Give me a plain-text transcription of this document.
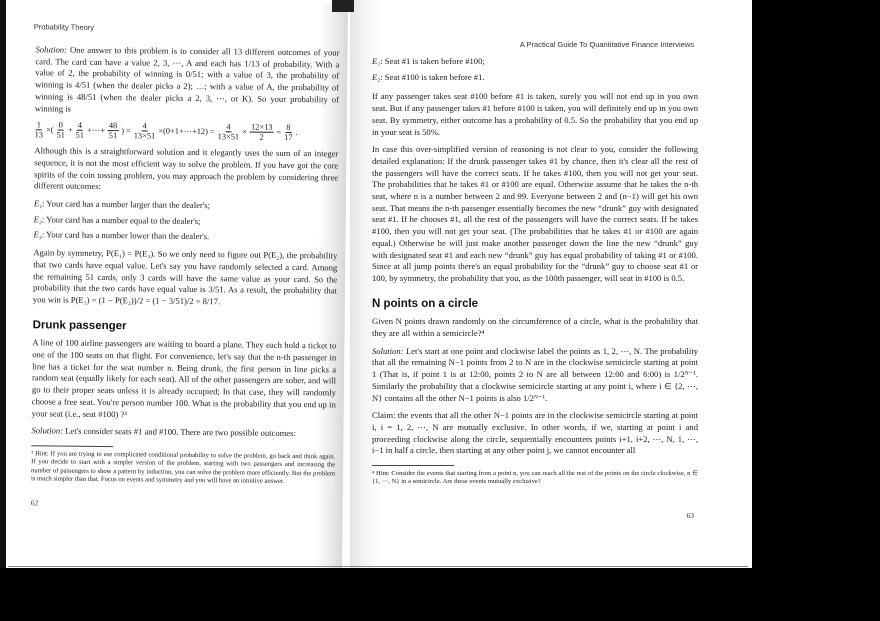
Probability Theory

Solution: One answer to this problem is to consider all 13 different outcomes of your card. The card can have a value 2, 3, ⋯, A and each has 1/13 of probability. With a value of 2, the probability of winning is 0/51; with a value of 3, the probability of winning is 4/51 (when the dealer picks a 2); …; with a value of A, the probability of winning is 48/51 (when the dealer picks a 2, 3, ⋯, or K). So your probability of winning is

$\frac{1}{13}$ ×( $\frac{0}{51} + \frac{4}{51}$ +⋯+ $\frac{48}{51}$ ) = $\frac{4}{13\times 51}$ ×(0+1+⋯+12) = $\frac{4}{13\times 51} \times \frac{12\times 13}{2} = \frac{8}{17}$ .

Although this is a straightforward solution and it elegantly uses the sum of an integer sequence, it is not the most efficient way to solve the problem. If you have got the core spirits of the coin tossing problem, you may approach the problem by considering three different outcomes:

E₁: Your card has a number larger than the dealer's;
E₂: Your card has a number equal to the dealer's;
E₃: Your card has a number lower than the dealer's.

Again by symmetry, P(E₁) = P(E₃). So we only need to figure out P(E₂), the probability that two cards have equal value. Let's say you have randomly selected a card. Among the remaining 51 cards, only 3 cards will have the same value as your card. So the probability that the two cards have equal value is 3/51. As a result, the probability that you win is P(E₁) = (1 − P(E₂))/2 = (1 − 3/51)/2 = 8/17.

Drunk passenger

A line of 100 airline passengers are waiting to board a plane. They each hold a ticket to one of the 100 seats on that flight. For convenience, let's say that the n-th passenger in line has a ticket for the seat number n. Being drunk, the first person in line picks a random seat (equally likely for each seat). All of the other passengers are sober, and will go to their proper seats unless it is already occupied; In that case, they will randomly choose a free seat. You're person number 100. What is the probability that you end up in your seat (i.e., seat #100) ?³

Solution: Let's consider seats #1 and #100. There are two possible outcomes:

³ Hint: If you are trying to use complicated conditional probability to solve the problem, go back and think again. If you decide to start with a simpler version of the problem, starting with two passengers and increasing the number of passengers to show a pattern by induction, you can solve the problem more efficiently. But the problem is much simpler than that. Focus on events and symmetry and you will have an intuitive answer.
62
A Practical Guide To Quantitative Finance Interviews
E₁: Seat #1 is taken before #100;
E₂: Seat #100 is taken before #1.

If any passenger takes seat #100 before #1 is taken, surely you will not end up in you own seat. But if any passenger takes #1 before #100 is taken, you will definitely end up in you own seat. By symmetry, either outcome has a probability of 0.5. So the probability that you end up in your seat is 50%.

In case this over-simplified version of reasoning is not clear to you, consider the following detailed explanation: If the drunk passenger takes #1 by chance, then it's clear all the rest of the passengers will have the correct seats. If he takes #100, then you will not get your seat. The probabilities that he takes #1 or #100 are equal. Otherwise assume that he takes the n-th seat, where n is a number between 2 and 99. Everyone between 2 and (n−1) will get his own seat. That means the n-th passenger essentially becomes the new “drunk” guy with designated seat #1. If he chooses #1, all the rest of the passengers will have the correct seats. If he takes #100, then you will not get your seat. (The probabilities that he takes #1 or #100 are again equal.) Otherwise he will just make another passenger down the line the new “drunk” guy with designated seat #1 and each new “drunk” guy has equal probability of taking #1 or #100. Since at all jump points there's an equal probability for the “drunk” guy to choose seat #1 or 100, by symmetry, the probability that you, as the 100th passenger, will seat in #100 is 0.5.

N points on a circle

Given N points drawn randomly on the circumference of a circle, what is the probability that they are all within a semicircle?⁴

Solution: Let's start at one point and clockwise label the points as 1, 2, ⋯, N. The probability that all the remaining N−1 points from 2 to N are in the clockwise semicircle starting at point 1 (That is, if point 1 is at 12:00, points 2 to N are all between 12:00 and 6:00) is 1/2ᴺ⁻¹. Similarly the probability that a clockwise semicircle starting at any point i, where i ∈ {2, ⋯, N} contains all the other N−1 points is also 1/2ᴺ⁻¹.

Claim: the events that all the other N−1 points are in the clockwise semicircle starting at point i, i = 1, 2, ⋯, N are mutually exclusive. In other words, if we, starting at point i and proceeding clockwise along the circle, sequentially encounters points i+1, i+2, ⋯, N, 1, ⋯, i−1 in half a circle, then starting at any other point j, we cannot encounter all

⁴ Hint: Consider the events that starting from a point n, you can reach all the rest of the points on the circle clockwise, n ∈ {1, ⋯, N} in a semicircle. Are these events mutually exclusive?
63
